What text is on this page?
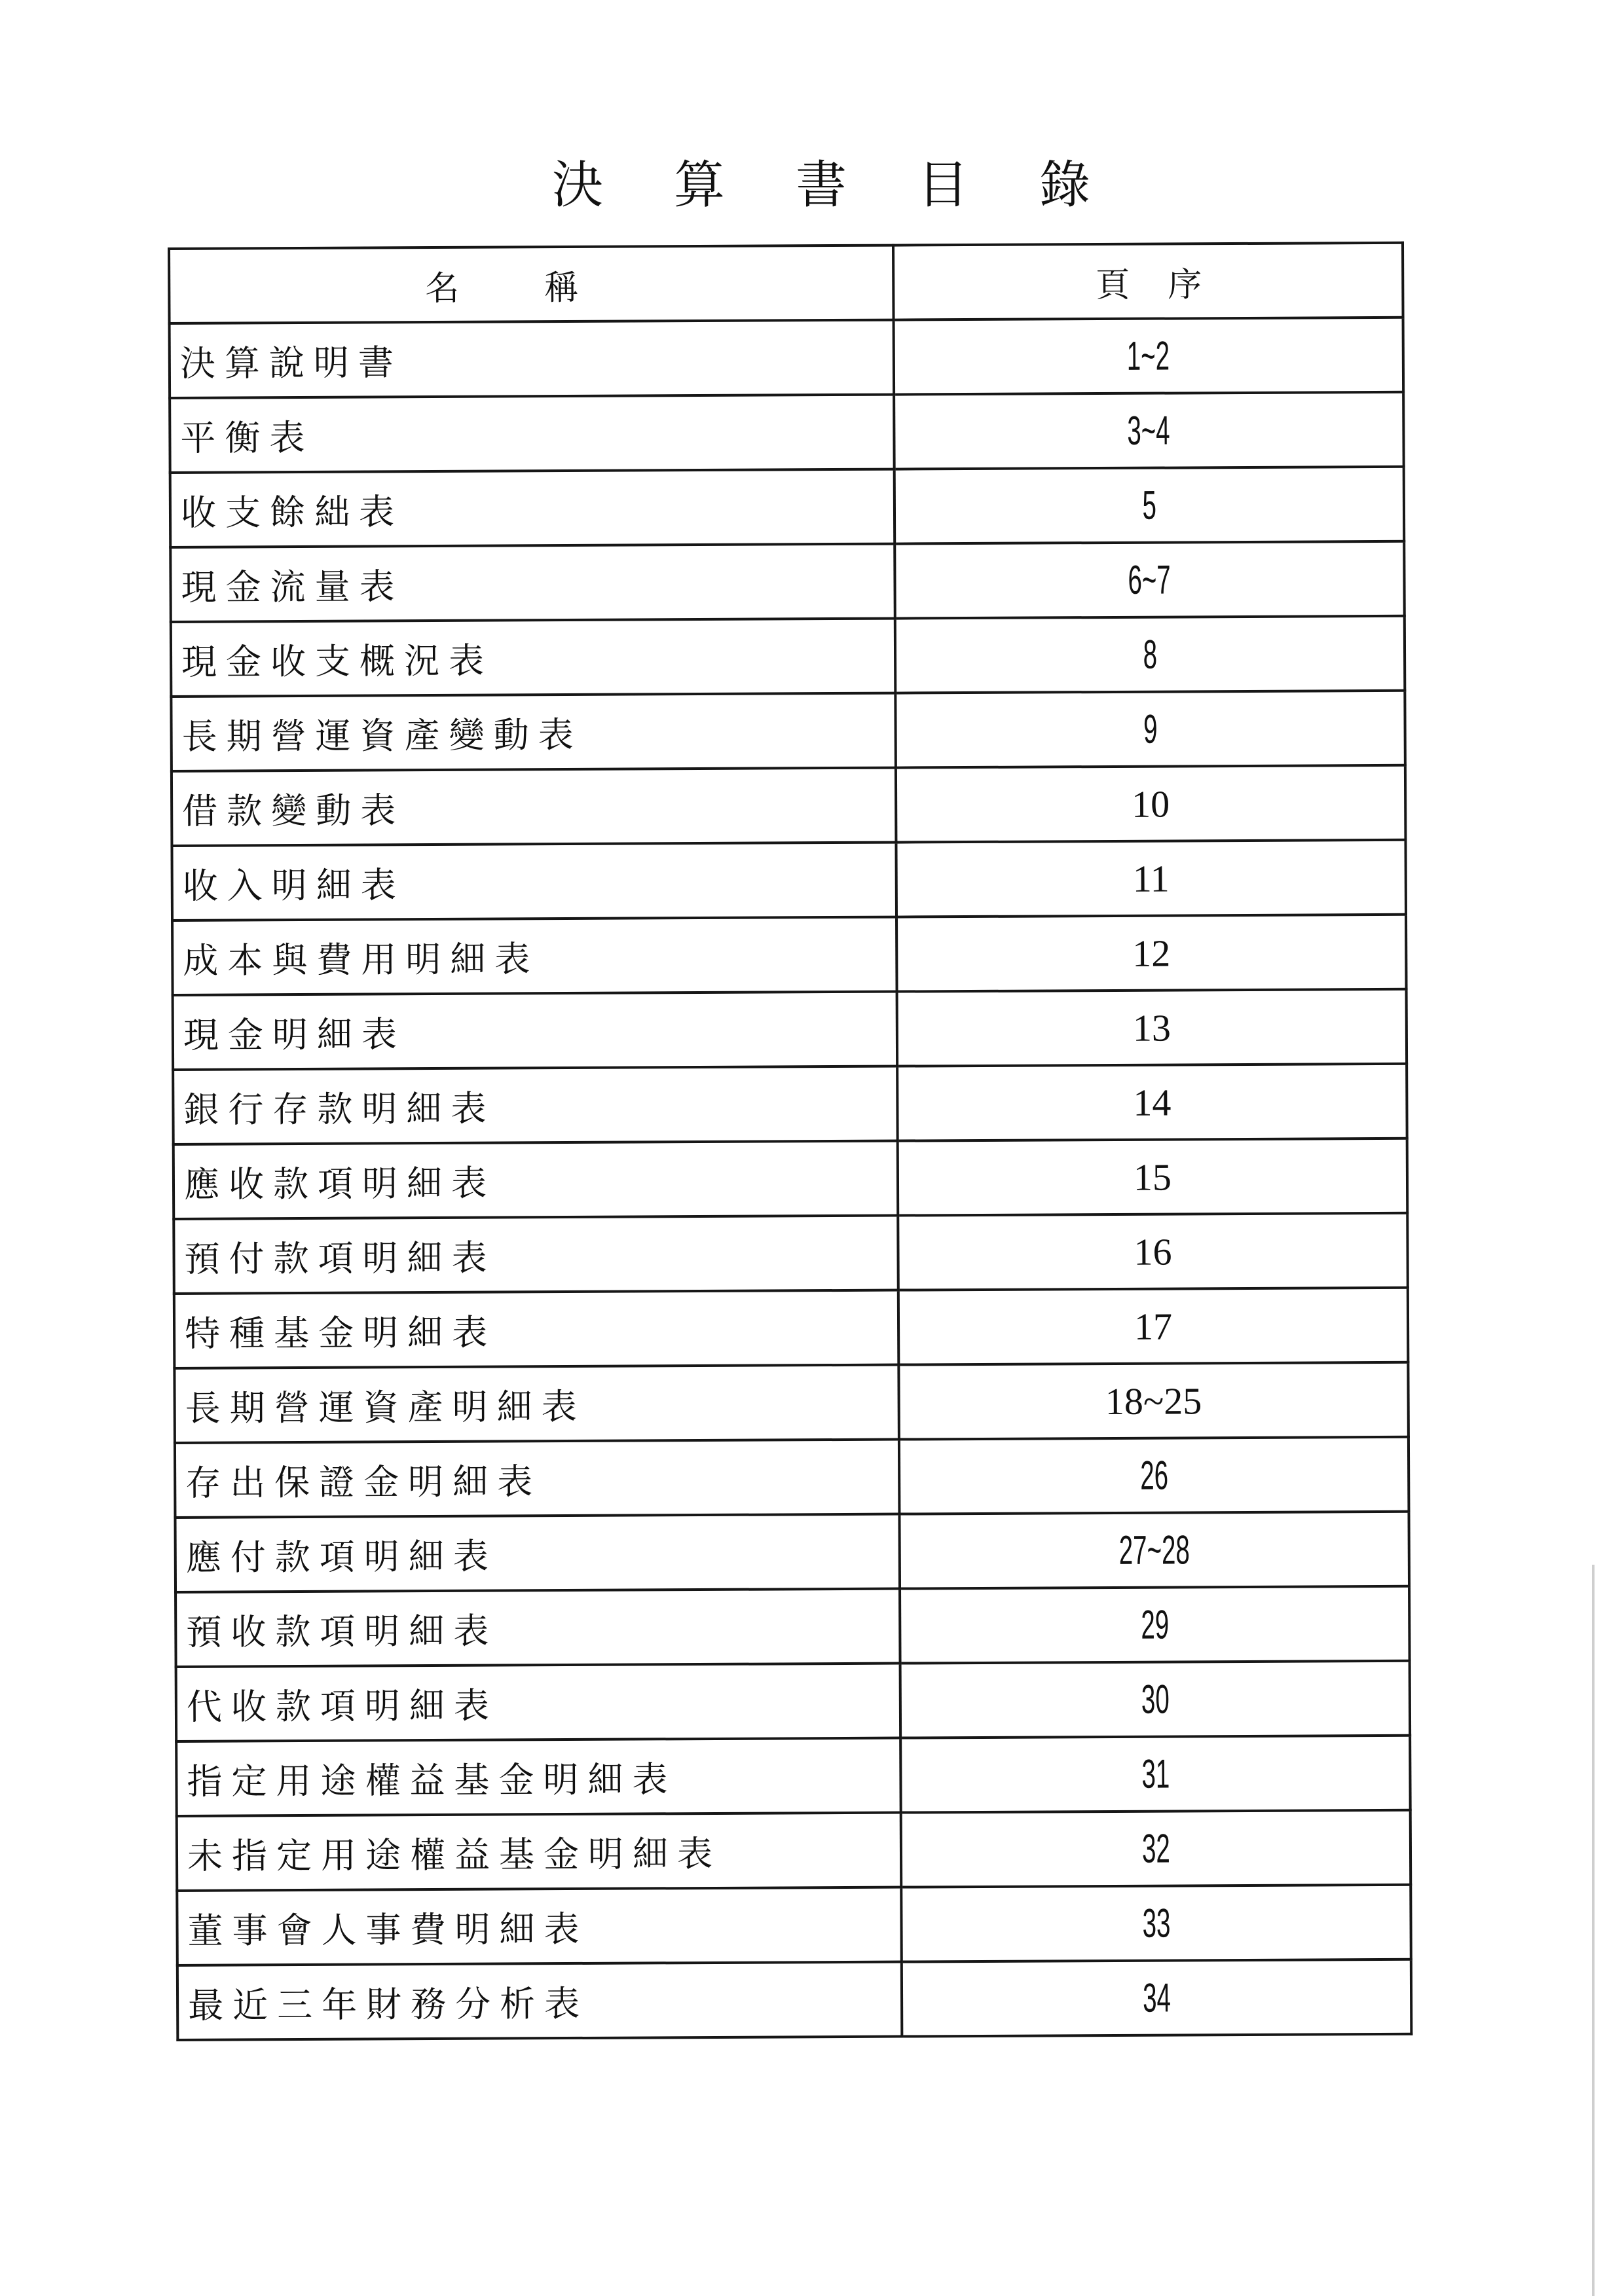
決算書目錄
名稱	頁序
決算說明書	1~2
平衡表	3~4
收支餘絀表	5
現金流量表	6~7
現金收支概況表	8
長期營運資產變動表	9
借款變動表	10
收入明細表	11
成本與費用明細表	12
現金明細表	13
銀行存款明細表	14
應收款項明細表	15
預付款項明細表	16
特種基金明細表	17
長期營運資產明細表	18~25
存出保證金明細表	26
應付款項明細表	27~28
預收款項明細表	29
代收款項明細表	30
指定用途權益基金明細表	31
未指定用途權益基金明細表	32
董事會人事費明細表	33
最近三年財務分析表	34
